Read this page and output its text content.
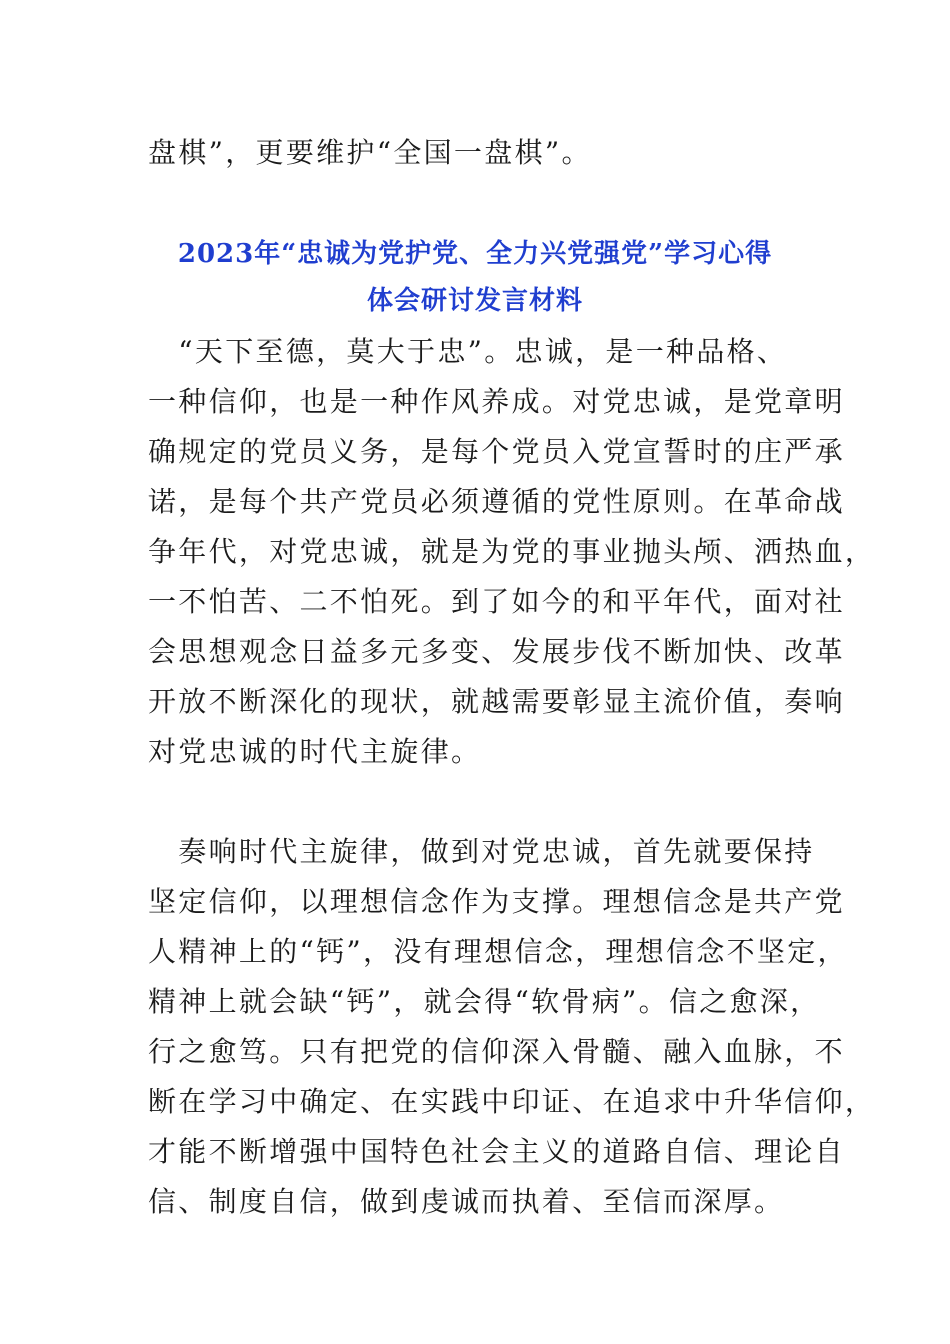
盘棋”，更要维护“全国一盘棋”。
2023年“忠诚为党护党、全力兴党强党”学习心得
体会研讨发言材料
　“天下至德，莫大于忠”。忠诚，是一种品格、
一种信仰，也是一种作风养成。对党忠诚，是党章明
确规定的党员义务，是每个党员入党宣誓时的庄严承
诺，是每个共产党员必须遵循的党性原则。在革命战
争年代，对党忠诚，就是为党的事业抛头颅、洒热血，
一不怕苦、二不怕死。到了如今的和平年代，面对社
会思想观念日益多元多变、发展步伐不断加快、改革
开放不断深化的现状，就越需要彰显主流价值，奏响
对党忠诚的时代主旋律。
　奏响时代主旋律，做到对党忠诚，首先就要保持
坚定信仰，以理想信念作为支撑。理想信念是共产党
人精神上的“钙”，没有理想信念，理想信念不坚定，
精神上就会缺“钙”，就会得“软骨病”。信之愈深，
行之愈笃。只有把党的信仰深入骨髓、融入血脉，不
断在学习中确定、在实践中印证、在追求中升华信仰，
才能不断增强中国特色社会主义的道路自信、理论自
信、制度自信，做到虔诚而执着、至信而深厚。
